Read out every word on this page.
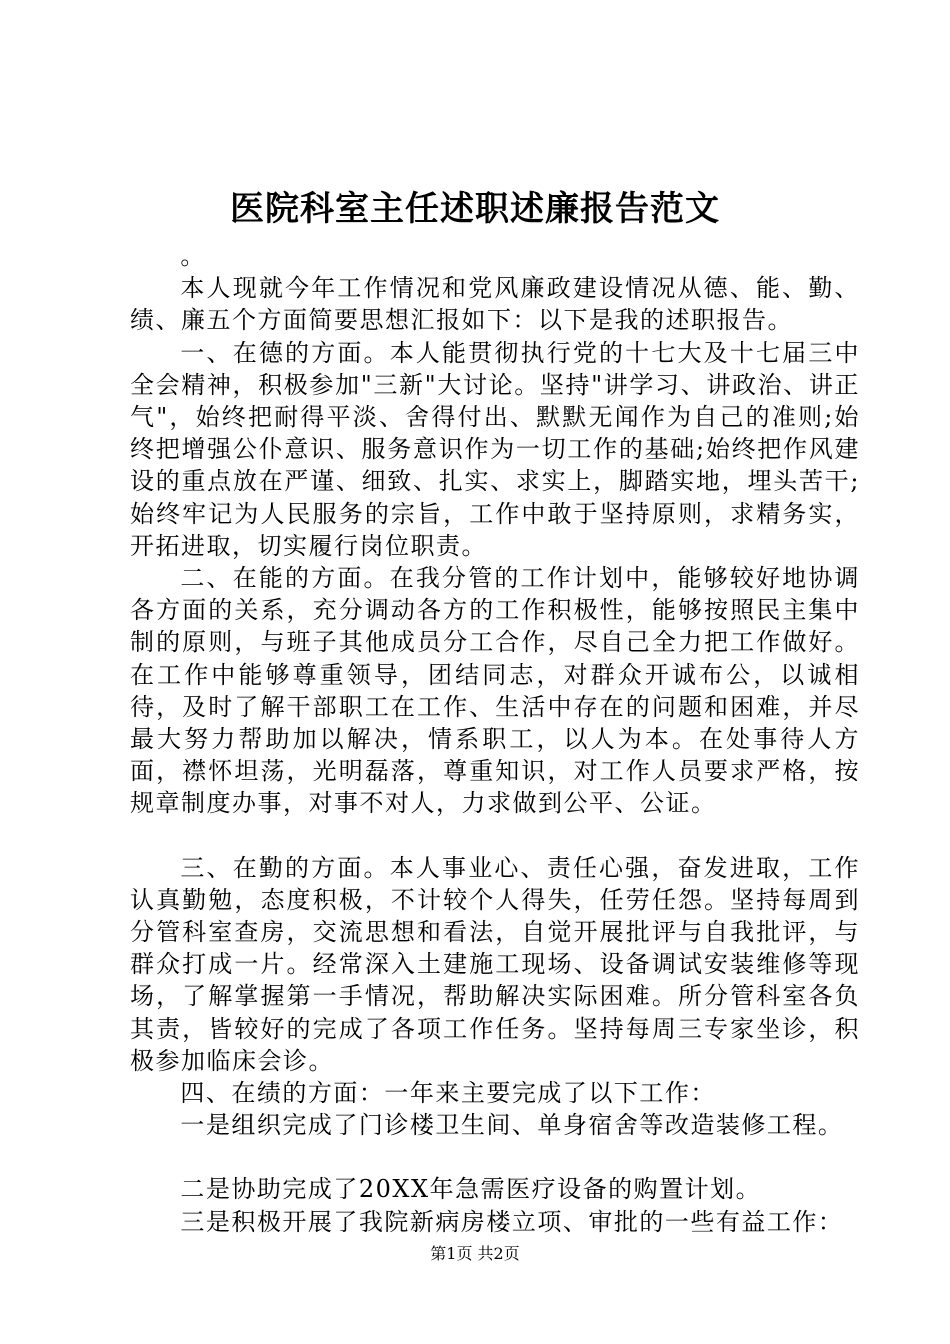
医院科室主任述职述廉报告范文

。

本人现就今年工作情况和党风廉政建设情况从德、能、勤、绩、廉五个方面简要思想汇报如下：以下是我的述职报告。

一、在德的方面。本人能贯彻执行党的十七大及十七届三中全会精神，积极参加"三新"大讨论。坚持"讲学习、讲政治、讲正气"，始终把耐得平淡、舍得付出、默默无闻作为自己的准则;始终把增强公仆意识、服务意识作为一切工作的基础;始终把作风建设的重点放在严谨、细致、扎实、求实上，脚踏实地，埋头苦干;始终牢记为人民服务的宗旨，工作中敢于坚持原则，求精务实，开拓进取，切实履行岗位职责。

二、在能的方面。在我分管的工作计划中，能够较好地协调各方面的关系，充分调动各方的工作积极性，能够按照民主集中制的原则，与班子其他成员分工合作，尽自己全力把工作做好。在工作中能够尊重领导，团结同志，对群众开诚布公，以诚相待，及时了解干部职工在工作、生活中存在的问题和困难，并尽最大努力帮助加以解决，情系职工，以人为本。在处事待人方面，襟怀坦荡，光明磊落，尊重知识，对工作人员要求严格，按规章制度办事，对事不对人，力求做到公平、公证。

三、在勤的方面。本人事业心、责任心强，奋发进取，工作认真勤勉，态度积极，不计较个人得失，任劳任怨。坚持每周到分管科室查房，交流思想和看法，自觉开展批评与自我批评，与群众打成一片。经常深入土建施工现场、设备调试安装维修等现场，了解掌握第一手情况，帮助解决实际困难。所分管科室各负其责，皆较好的完成了各项工作任务。坚持每周三专家坐诊，积极参加临床会诊。

四、在绩的方面：一年来主要完成了以下工作：

一是组织完成了门诊楼卫生间、单身宿舍等改造装修工程。

二是协助完成了20XX年急需医疗设备的购置计划。

三是积极开展了我院新病房楼立项、审批的一些有益工作：

第1页 共2页
